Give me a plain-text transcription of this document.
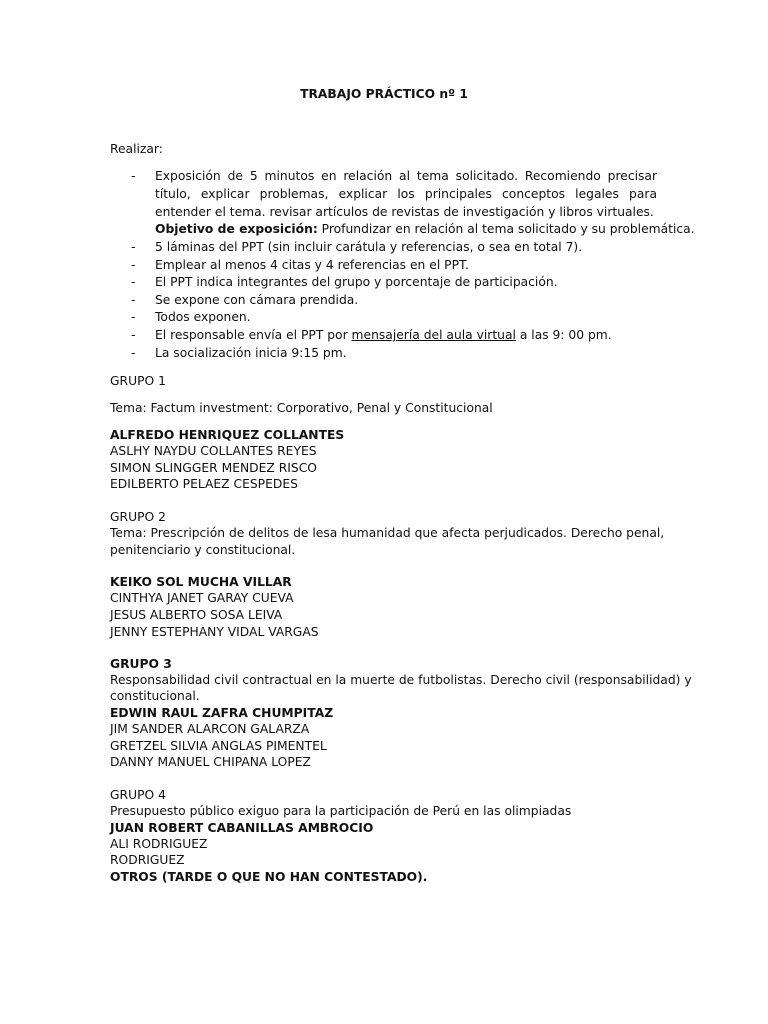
TRABAJO PRÁCTICO nº 1
Realizar:
- Exposición de 5 minutos en relación al tema solicitado. Recomiendo precisar título, explicar problemas, explicar los principales conceptos legales para entender el tema. revisar artículos de revistas de investigación y libros virtuales.
Objetivo de exposición: Profundizar en relación al tema solicitado y su problemática.
- 5 láminas del PPT (sin incluir carátula y referencias, o sea en total 7).
- Emplear al menos 4 citas y 4 referencias en el PPT.
- El PPT indica integrantes del grupo y porcentaje de participación.
- Se expone con cámara prendida.
- Todos exponen.
- El responsable envía el PPT por mensajería del aula virtual a las 9: 00 pm.
- La socialización inicia 9:15 pm.
GRUPO 1
Tema: Factum investment: Corporativo, Penal y Constitucional
ALFREDO HENRIQUEZ COLLANTES
ASLHY NAYDU COLLANTES REYES
SIMON SLINGGER MENDEZ RISCO
EDILBERTO PELAEZ CESPEDES
GRUPO 2
Tema: Prescripción de delitos de lesa humanidad que afecta perjudicados. Derecho penal,
penitenciario y constitucional.
KEIKO SOL MUCHA VILLAR
CINTHYA JANET GARAY CUEVA
JESUS ALBERTO SOSA LEIVA
JENNY ESTEPHANY VIDAL VARGAS
GRUPO 3
Responsabilidad civil contractual en la muerte de futbolistas. Derecho civil (responsabilidad) y
constitucional.
EDWIN RAUL ZAFRA CHUMPITAZ
JIM SANDER ALARCON GALARZA
GRETZEL SILVIA ANGLAS PIMENTEL
DANNY MANUEL CHIPANA LOPEZ
GRUPO 4
Presupuesto público exiguo para la participación de Perú en las olimpiadas
JUAN ROBERT CABANILLAS AMBROCIO
ALI RODRIGUEZ
RODRIGUEZ
OTROS (TARDE O QUE NO HAN CONTESTADO).
